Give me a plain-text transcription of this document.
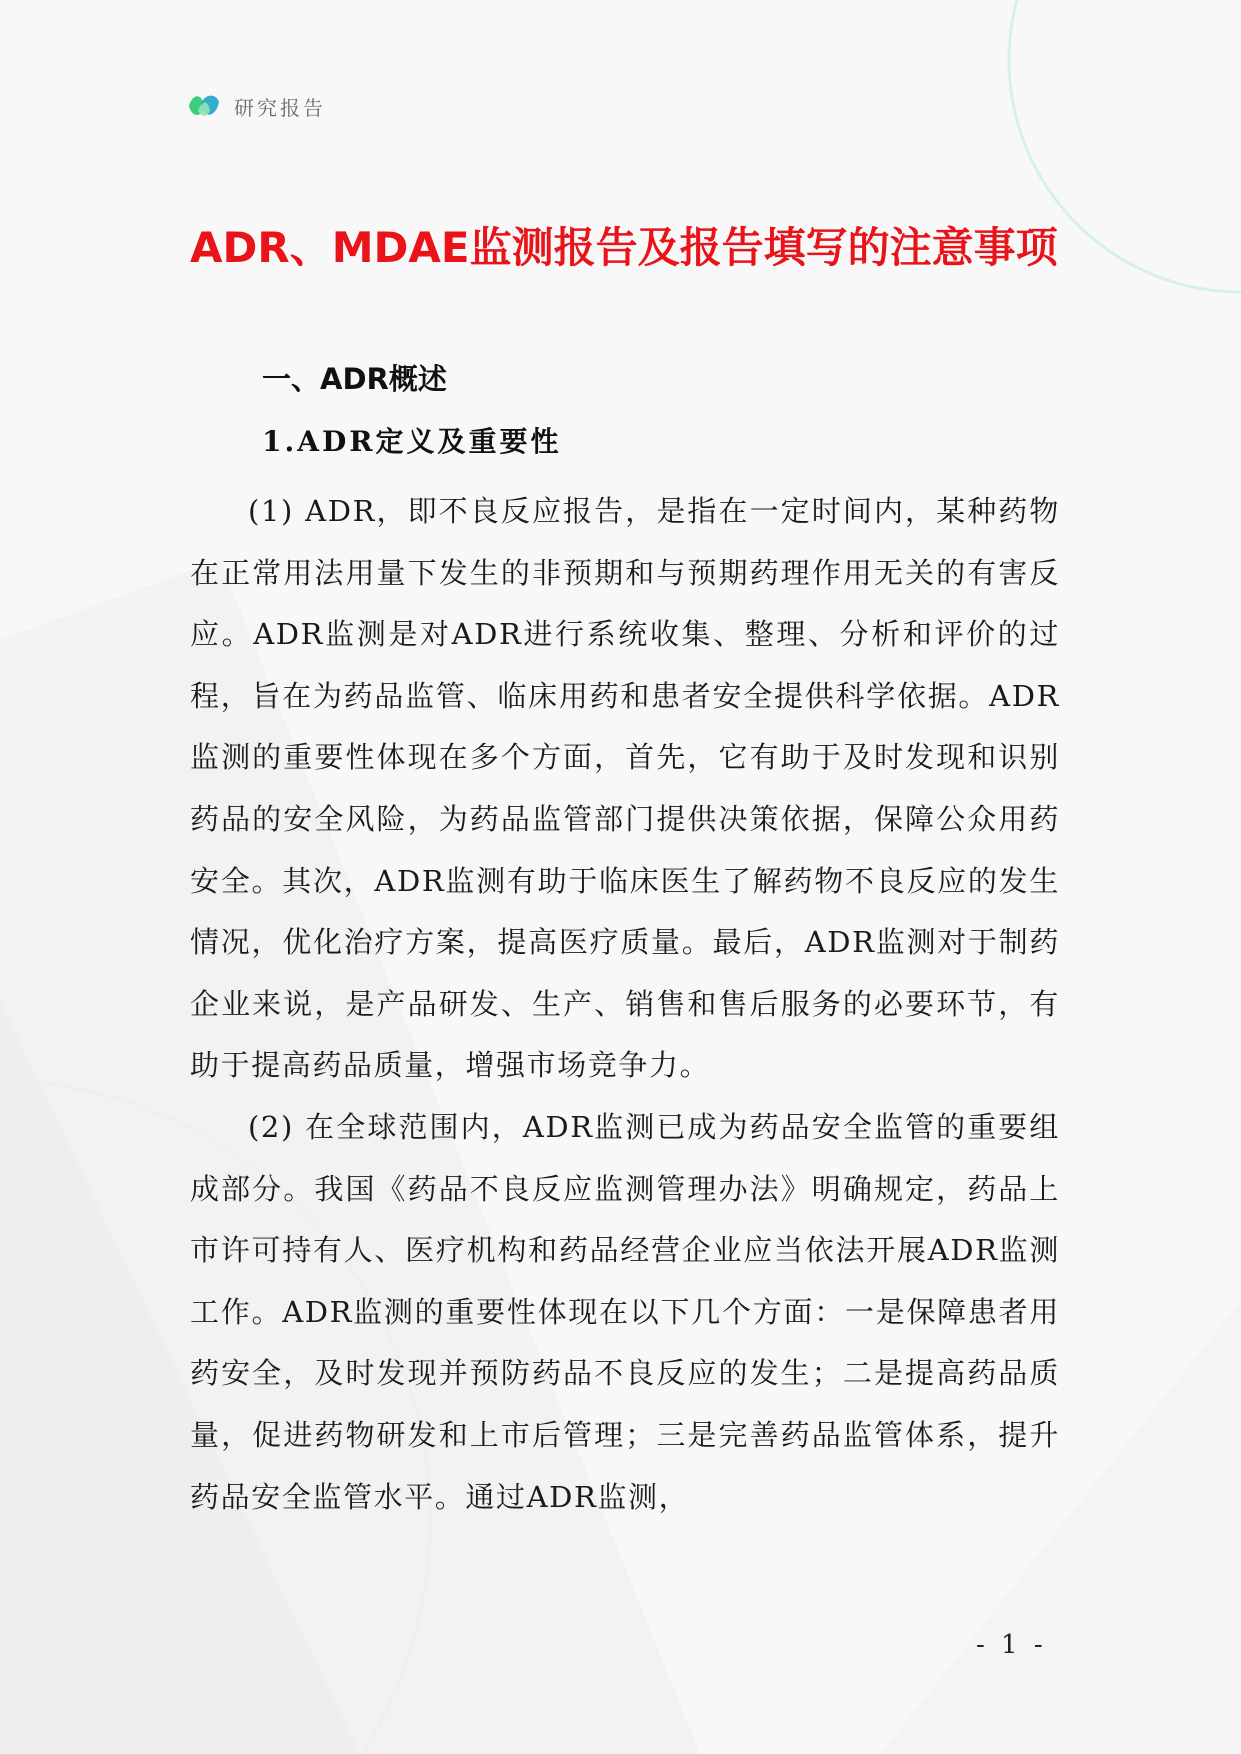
研究报告
ADR、MDAE监测报告及报告填写的注意事项
一、ADR概述
1.ADR定义及重要性

(1) ADR，即不良反应报告，是指在一定时间内，某种药物在正常用法用量下发生的非预期和与预期药理作用无关的有害反应。ADR监测是对ADR进行系统收集、整理、分析和评价的过程，旨在为药品监管、临床用药和患者安全提供科学依据。ADR监测的重要性体现在多个方面，首先，它有助于及时发现和识别药品的安全风险，为药品监管部门提供决策依据，保障公众用药安全。其次，ADR监测有助于临床医生了解药物不良反应的发生情况，优化治疗方案，提高医疗质量。最后，ADR监测对于制药企业来说，是产品研发、生产、销售和售后服务的必要环节，有助于提高药品质量，增强市场竞争力。

(2) 在全球范围内，ADR监测已成为药品安全监管的重要组成部分。我国《药品不良反应监测管理办法》明确规定，药品上市许可持有人、医疗机构和药品经营企业应当依法开展ADR监测工作。ADR监测的重要性体现在以下几个方面：一是保障患者用药安全，及时发现并预防药品不良反应的发生；二是提高药品质量，促进药物研发和上市后管理；三是完善药品监管体系，提升药品安全监管水平。通过ADR监测，

- 1 -
